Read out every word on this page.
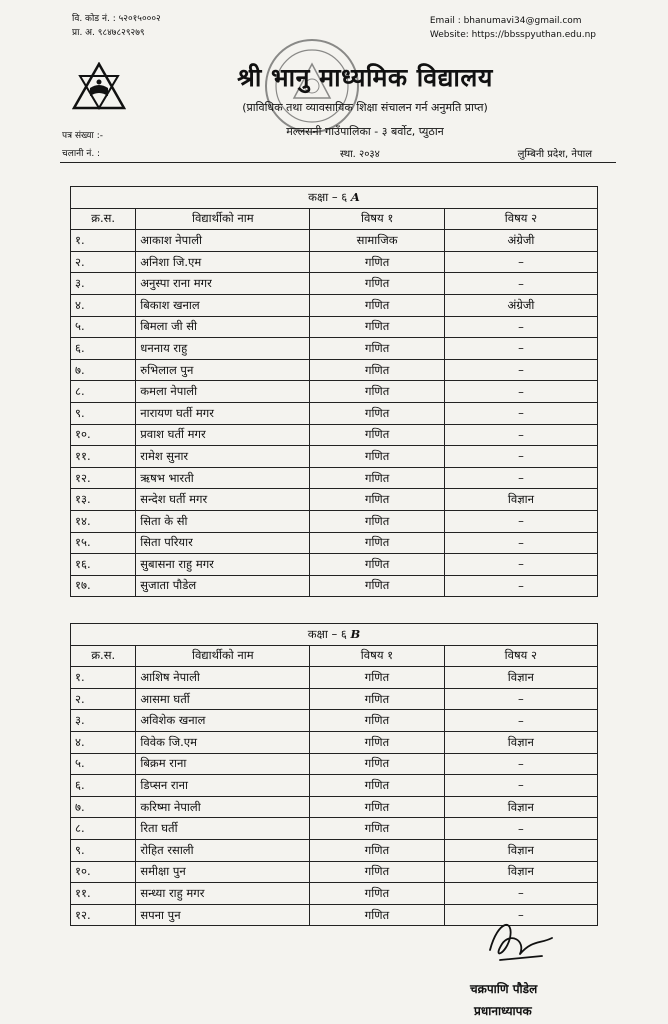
वि. कोड नं. : ५२०१५०००२
प्रा. अ. ९८४७८२९२७९
Email : bhanumavi34@gmail.com
Website: https://bbsspyuthan.edu.np
श्री भानु माध्यमिक विद्यालय
(प्राविधिक तथा व्यावसायिक शिक्षा संचालन गर्न अनुमति प्राप्त)
मल्लरानी गाउँपालिका - ३ बर्वाेट, प्युठान
पत्र संख्या :-
चलानी नं. :	स्था. २०३४	लुम्बिनी प्रदेश, नेपाल
कक्षा – ६ A			
क्र.स.	विद्यार्थीको नाम	विषय १	विषय २
१.	आकाश नेपाली	सामाजिक	अंग्रेजी
२.	अनिशा जि.एम	गणित	–
३.	अनुस्पा राना मगर	गणित	–
४.	बिकाश खनाल	गणित	अंग्रेजी
५.	बिमला जी सी	गणित	–
६.	धननाय राहु	गणित	–
७.	रुभिलाल पुन	गणित	–
८.	कमला नेपाली	गणित	–
९.	नारायण घर्ती मगर	गणित	–
१०.	प्रवाश घर्ती मगर	गणित	–
११.	रामेश सुनार	गणित	–
१२.	ऋषभ भारती	गणित	–
१३.	सन्देश घर्ती मगर	गणित	विज्ञान
१४.	सिता के सी	गणित	–
१५.	सिता परियार	गणित	–
१६.	सुबासना राहु मगर	गणित	–
१७.	सुजाता पौडेल	गणित	–
कक्षा – ६ B			
क्र.स.	विद्यार्थीको नाम	विषय १	विषय २
१.	आशिष नेपाली	गणित	विज्ञान
२.	आसमा घर्ती	गणित	–
३.	अविशेक खनाल	गणित	–
४.	विवेक जि.एम	गणित	विज्ञान
५.	बिक्रम राना	गणित	–
६.	डिप्सन राना	गणित	–
७.	करिष्मा नेपाली	गणित	विज्ञान
८.	रिता घर्ती	गणित	–
९.	रोहित रसाली	गणित	विज्ञान
१०.	समीक्षा पुन	गणित	विज्ञान
११.	सन्ध्या राहु मगर	गणित	–
१२.	सपना पुन	गणित	–
चक्रपाणि पौडेल
प्रधानाध्यापक
